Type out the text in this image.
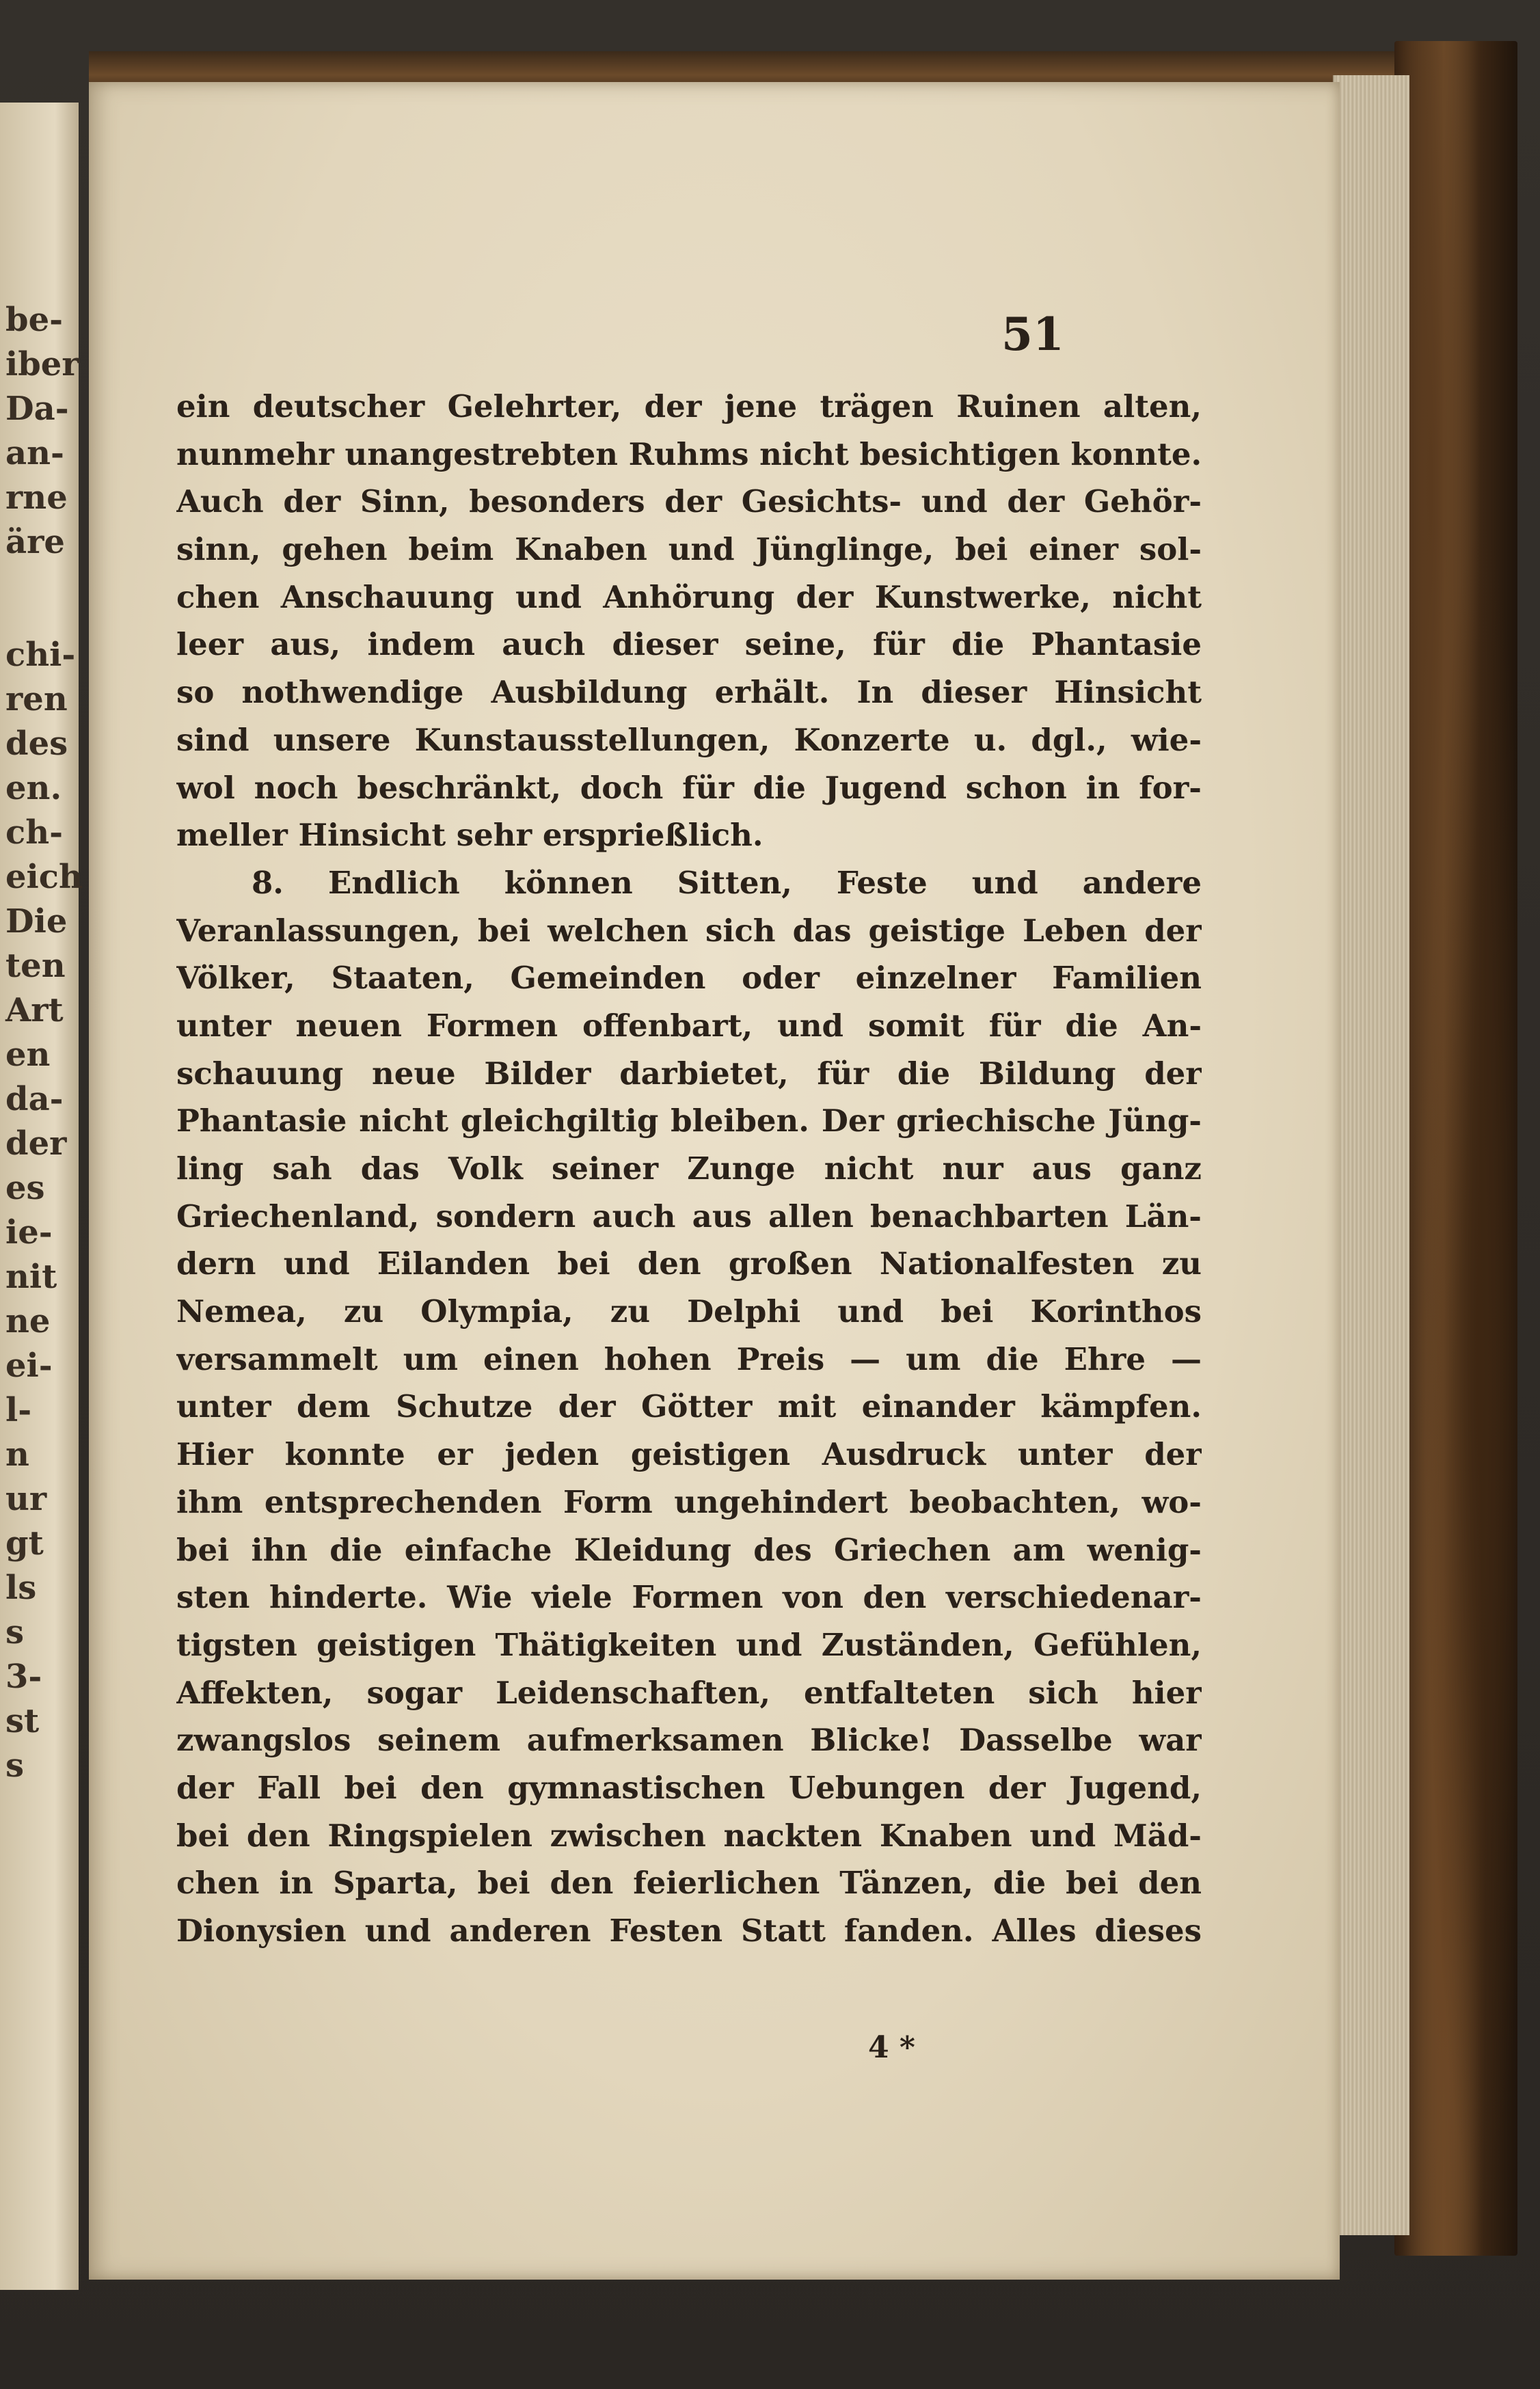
be-
iber
Da-
an-
rne
äre
chi-
ren
des
en.
ch-
eich
Die
ten
Art
en
da-
der
es
ie-
nit
ne
ei-
l-
n
ur
gt
ls
s
3-
st
s
51
ein deutscher Gelehrter, der jene trägen Ruinen alten,
nunmehr unangestrebten Ruhms nicht besichtigen konnte.
Auch der Sinn, besonders der Gesichts- und der Gehör-
sinn, gehen beim Knaben und Jünglinge, bei einer sol-
chen Anschauung und Anhörung der Kunstwerke, nicht
leer aus, indem auch dieser seine, für die Phantasie
so nothwendige Ausbildung erhält. In dieser Hinsicht
sind unsere Kunstausstellungen, Konzerte u. dgl., wie-
wol noch beschränkt, doch für die Jugend schon in for-
meller Hinsicht sehr ersprießlich.
8. Endlich können Sitten, Feste und andere
Veranlassungen, bei welchen sich das geistige Leben der
Völker, Staaten, Gemeinden oder einzelner Familien
unter neuen Formen offenbart, und somit für die An-
schauung neue Bilder darbietet, für die Bildung der
Phantasie nicht gleichgiltig bleiben. Der griechische Jüng-
ling sah das Volk seiner Zunge nicht nur aus ganz
Griechenland, sondern auch aus allen benachbarten Län-
dern und Eilanden bei den großen Nationalfesten zu
Nemea, zu Olympia, zu Delphi und bei Korinthos
versammelt um einen hohen Preis — um die Ehre —
unter dem Schutze der Götter mit einander kämpfen.
Hier konnte er jeden geistigen Ausdruck unter der
ihm entsprechenden Form ungehindert beobachten, wo-
bei ihn die einfache Kleidung des Griechen am wenig-
sten hinderte. Wie viele Formen von den verschiedenar-
tigsten geistigen Thätigkeiten und Zuständen, Gefühlen,
Affekten, sogar Leidenschaften, entfalteten sich hier
zwangslos seinem aufmerksamen Blicke! Dasselbe war
der Fall bei den gymnastischen Uebungen der Jugend,
bei den Ringspielen zwischen nackten Knaben und Mäd-
chen in Sparta, bei den feierlichen Tänzen, die bei den
Dionysien und anderen Festen Statt fanden. Alles dieses
4 *
